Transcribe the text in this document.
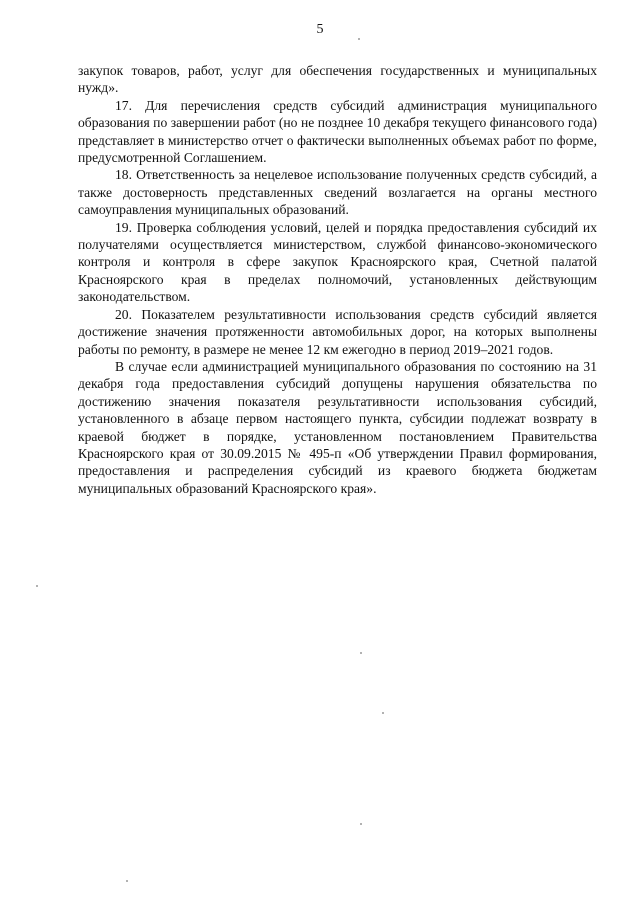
5

закупок товаров, работ, услуг для обеспечения государственных и муниципальных нужд».

17. Для перечисления средств субсидий администрация муниципального образования по завершении работ (но не позднее 10 декабря текущего финансового года) представляет в министерство отчет о фактически выполненных объемах работ по форме, предусмотренной Соглашением.

18. Ответственность за нецелевое использование полученных средств субсидий, а также достоверность представленных сведений возлагается на органы местного самоуправления муниципальных образований.

19. Проверка соблюдения условий, целей и порядка предоставления субсидий их получателями осуществляется министерством, службой финансово-экономического контроля и контроля в сфере закупок Красноярского края, Счетной палатой Красноярского края в пределах полномочий, установленных действующим законодательством.

20. Показателем результативности использования средств субсидий является достижение значения протяженности автомобильных дорог, на которых выполнены работы по ремонту, в размере не менее 12 км ежегодно в период 2019–2021 годов.

В случае если администрацией муниципального образования по состоянию на 31 декабря года предоставления субсидий допущены нарушения обязательства по достижению значения показателя результативности использования субсидий, установленного в абзаце первом настоящего пункта, субсидии подлежат возврату в краевой бюджет в порядке, установленном постановлением Правительства Красноярского края от 30.09.2015 № 495-п «Об утверждении Правил формирования, предоставления и распределения субсидий из краевого бюджета бюджетам муниципальных образований Красноярского края».
